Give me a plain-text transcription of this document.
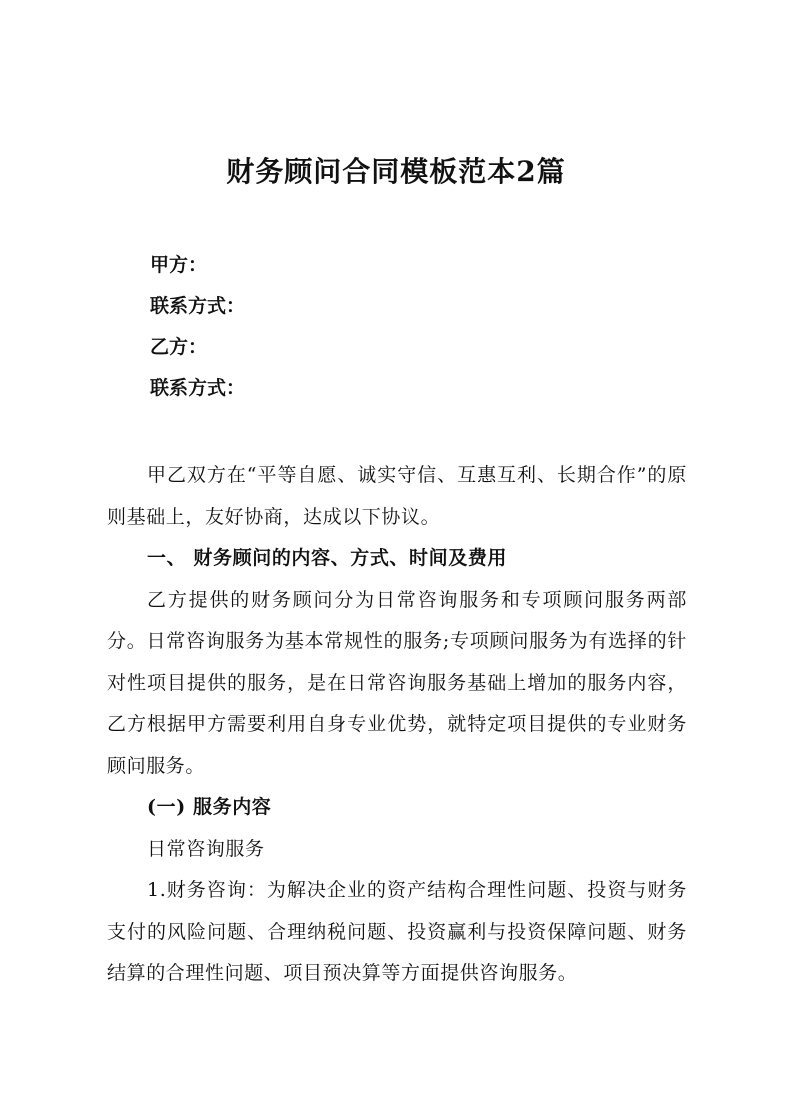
财务顾问合同模板范本2篇
甲方：
联系方式：
乙方：
联系方式：

甲乙双方在“平等自愿、诚实守信、互惠互利、长期合作”的原则基础上，友好协商，达成以下协议。

一、 财务顾问的内容、方式、时间及费用

乙方提供的财务顾问分为日常咨询服务和专项顾问服务两部分。日常咨询服务为基本常规性的服务;专项顾问服务为有选择的针对性项目提供的服务，是在日常咨询服务基础上增加的服务内容，乙方根据甲方需要利用自身专业优势，就特定项目提供的专业财务顾问服务。

(一) 服务内容

日常咨询服务

1.财务咨询：为解决企业的资产结构合理性问题、投资与财务支付的风险问题、合理纳税问题、投资赢利与投资保障问题、财务结算的合理性问题、项目预决算等方面提供咨询服务。
